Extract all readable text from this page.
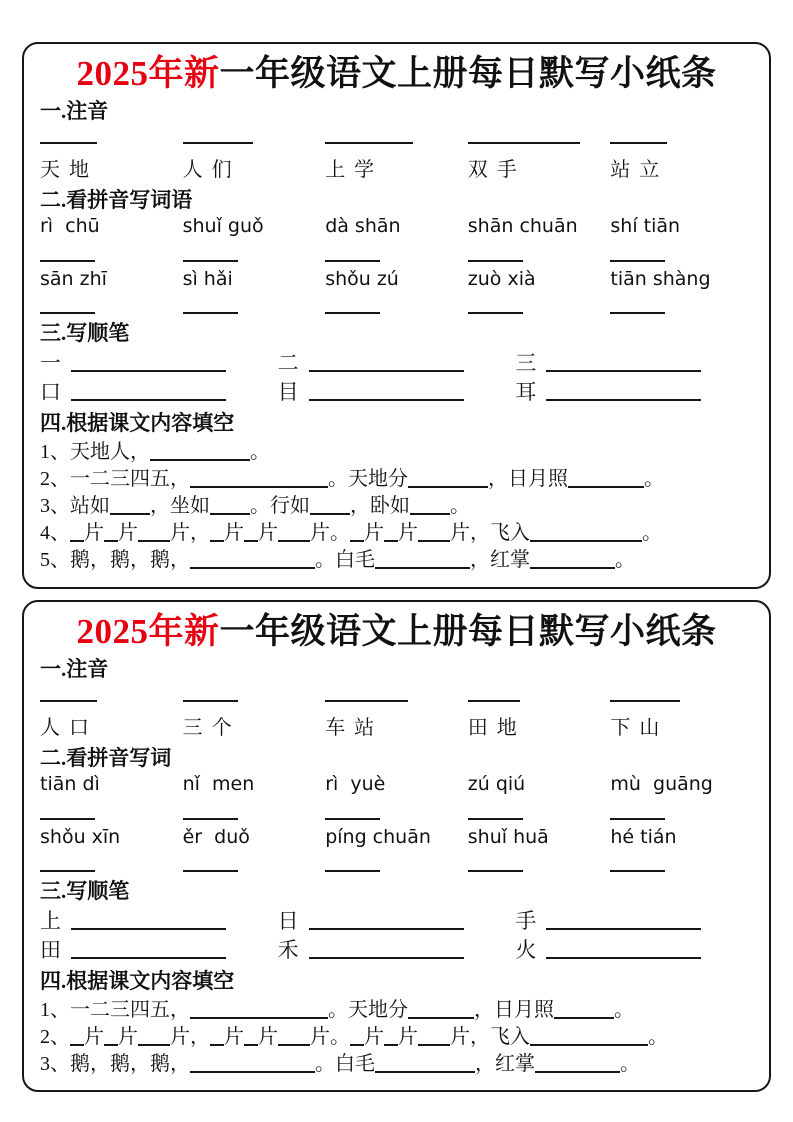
2025年新一年级语文上册每日默写小纸条
一.注音
天 地	人 们	上 学	双 手	站 立
二.看拼音写词语
rì  chū	shuǐ guǒ	dà shān	shān chuān	shí tiān
sān zhī	sì hǎi	shǒu zú	zuò xià	tiān shàng
三.写顺笔
一	二	三
口	目	耳
四.根据课文内容填空
1、天地人，	。
2、一二三四五，	。天地分	，日月照	。
3、站如 ，坐如 。行如 ，卧如 。
4、 片 片 片， 片 片 片。 片 片 片，飞入	。
5、鹅，鹅，鹅，	。白毛	，红掌	。
2025年新一年级语文上册每日默写小纸条
一.注音
人 口	三 个	车 站	田 地	下 山
二.看拼音写词
tiān dì	nǐ  men	rì  yuè	zú qiú	mù  guāng
shǒu xīn	ěr  duǒ	píng chuān	shuǐ huā	hé tián
三.写顺笔
上	日	手
田	禾	火
四.根据课文内容填空
1、一二三四五，	。天地分	，日月照	。
2、 片 片 片， 片 片 片。 片 片 片，飞入	。
3、鹅，鹅，鹅，	。白毛	，红掌	。
